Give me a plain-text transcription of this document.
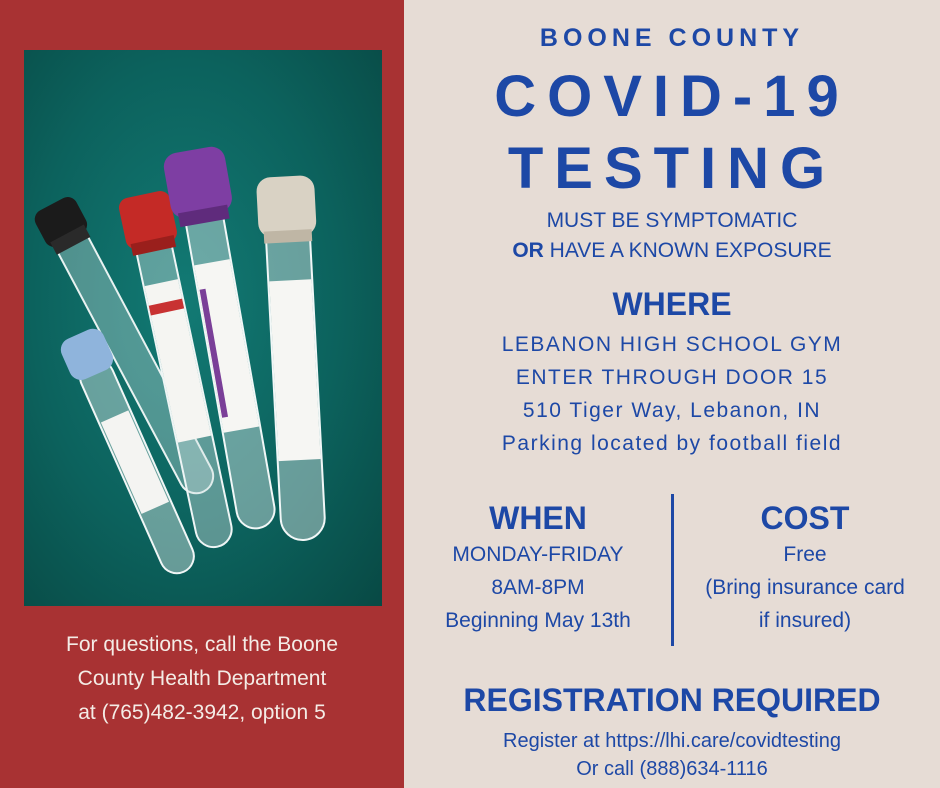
For questions, call the Boone
County Health Department
at (765)482-3942, option 5
BOONE COUNTY
COVID-19
TESTING
MUST BE SYMPTOMATIC
OR HAVE A KNOWN EXPOSURE
WHERE
LEBANON HIGH SCHOOL GYM
ENTER THROUGH DOOR 15
510 Tiger Way, Lebanon, IN
Parking located by football field
WHEN
MONDAY-FRIDAY
8AM-8PM
Beginning May 13th
COST
Free
(Bring insurance card
if insured)
REGISTRATION REQUIRED
Register at https://lhi.care/covidtesting
Or call (888)634-1116
